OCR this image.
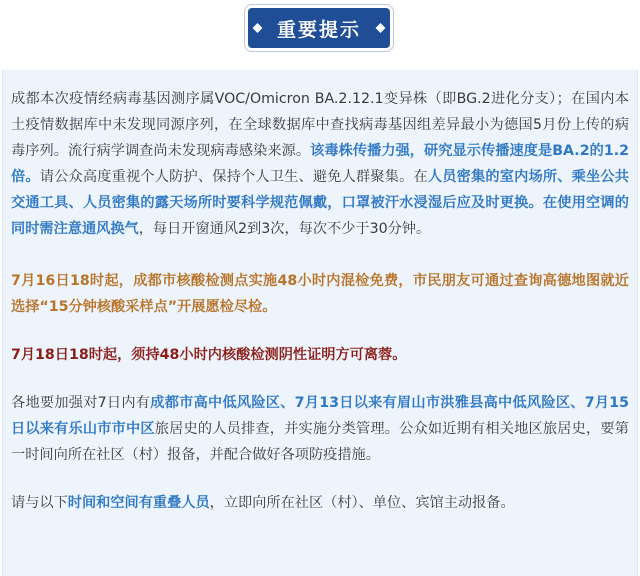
重要提示

成都本次疫情经病毒基因测序属VOC/Omicron BA.2.12.1变异株（即BG.2进化分支）；在国内本土疫情数据库中未发现同源序列，在全球数据库中查找病毒基因组差异最小为德国5月份上传的病毒序列。流行病学调查尚未发现病毒感染来源。该毒株传播力强，研究显示传播速度是BA.2的1.2倍。请公众高度重视个人防护、保持个人卫生、避免人群聚集。在人员密集的室内场所、乘坐公共交通工具、人员密集的露天场所时要科学规范佩戴，口罩被汗水浸湿后应及时更换。在使用空调的同时需注意通风换气，每日开窗通风2到3次，每次不少于30分钟。

7月16日18时起，成都市核酸检测点实施48小时内混检免费，市民朋友可通过查询高德地图就近选择“15分钟核酸采样点”开展愿检尽检。

7月18日18时起，须持48小时内核酸检测阴性证明方可离蓉。

各地要加强对7日内有成都市高中低风险区、7月13日以来有眉山市洪雅县高中低风险区、7月15日以来有乐山市市中区旅居史的人员排查，并实施分类管理。公众如近期有相关地区旅居史，要第一时间向所在社区（村）报备，并配合做好各项防疫措施。

请与以下时间和空间有重叠人员，立即向所在社区（村）、单位、宾馆主动报备。
